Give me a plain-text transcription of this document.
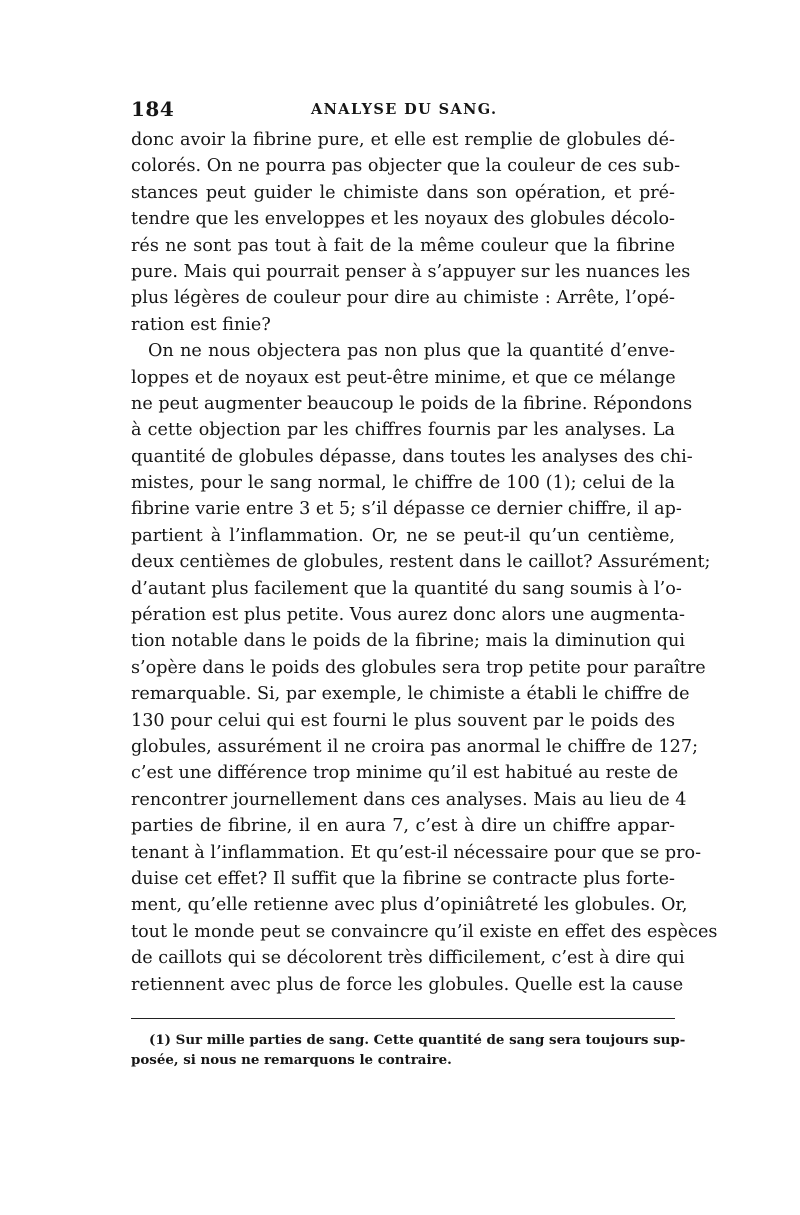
184	ANALYSE DU SANG.
donc avoir la fibrine pure, et elle est remplie de globules dé-
colorés. On ne pourra pas objecter que la couleur de ces sub-
stances peut guider le chimiste dans son opération, et pré-
tendre que les enveloppes et les noyaux des globules décolo-
rés ne sont pas tout à fait de la même couleur que la fibrine
pure. Mais qui pourrait penser à s’appuyer sur les nuances les
plus légères de couleur pour dire au chimiste : Arrête, l’opé-
ration est finie?
On ne nous objectera pas non plus que la quantité d’enve-
loppes et de noyaux est peut-être minime, et que ce mélange
ne peut augmenter beaucoup le poids de la fibrine. Répondons
à cette objection par les chiffres fournis par les analyses. La
quantité de globules dépasse, dans toutes les analyses des chi-
mistes, pour le sang normal, le chiffre de 100 (1); celui de la
fibrine varie entre 3 et 5; s’il dépasse ce dernier chiffre, il ap-
partient à l’inflammation. Or, ne se peut-il qu’un centième,
deux centièmes de globules, restent dans le caillot? Assurément;
d’autant plus facilement que la quantité du sang soumis à l’o-
pération est plus petite. Vous aurez donc alors une augmenta-
tion notable dans le poids de la fibrine; mais la diminution qui
s’opère dans le poids des globules sera trop petite pour paraître
remarquable. Si, par exemple, le chimiste a établi le chiffre de
130 pour celui qui est fourni le plus souvent par le poids des
globules, assurément il ne croira pas anormal le chiffre de 127;
c’est une différence trop minime qu’il est habitué au reste de
rencontrer journellement dans ces analyses. Mais au lieu de 4
parties de fibrine, il en aura 7, c’est à dire un chiffre appar-
tenant à l’inflammation. Et qu’est-il nécessaire pour que se pro-
duise cet effet? Il suffit que la fibrine se contracte plus forte-
ment, qu’elle retienne avec plus d’opiniâtreté les globules. Or,
tout le monde peut se convaincre qu’il existe en effet des espèces
de caillots qui se décolorent très difficilement, c’est à dire qui
retiennent avec plus de force les globules. Quelle est la cause
(1) Sur mille parties de sang. Cette quantité de sang sera toujours sup-
posée, si nous ne remarquons le contraire.
